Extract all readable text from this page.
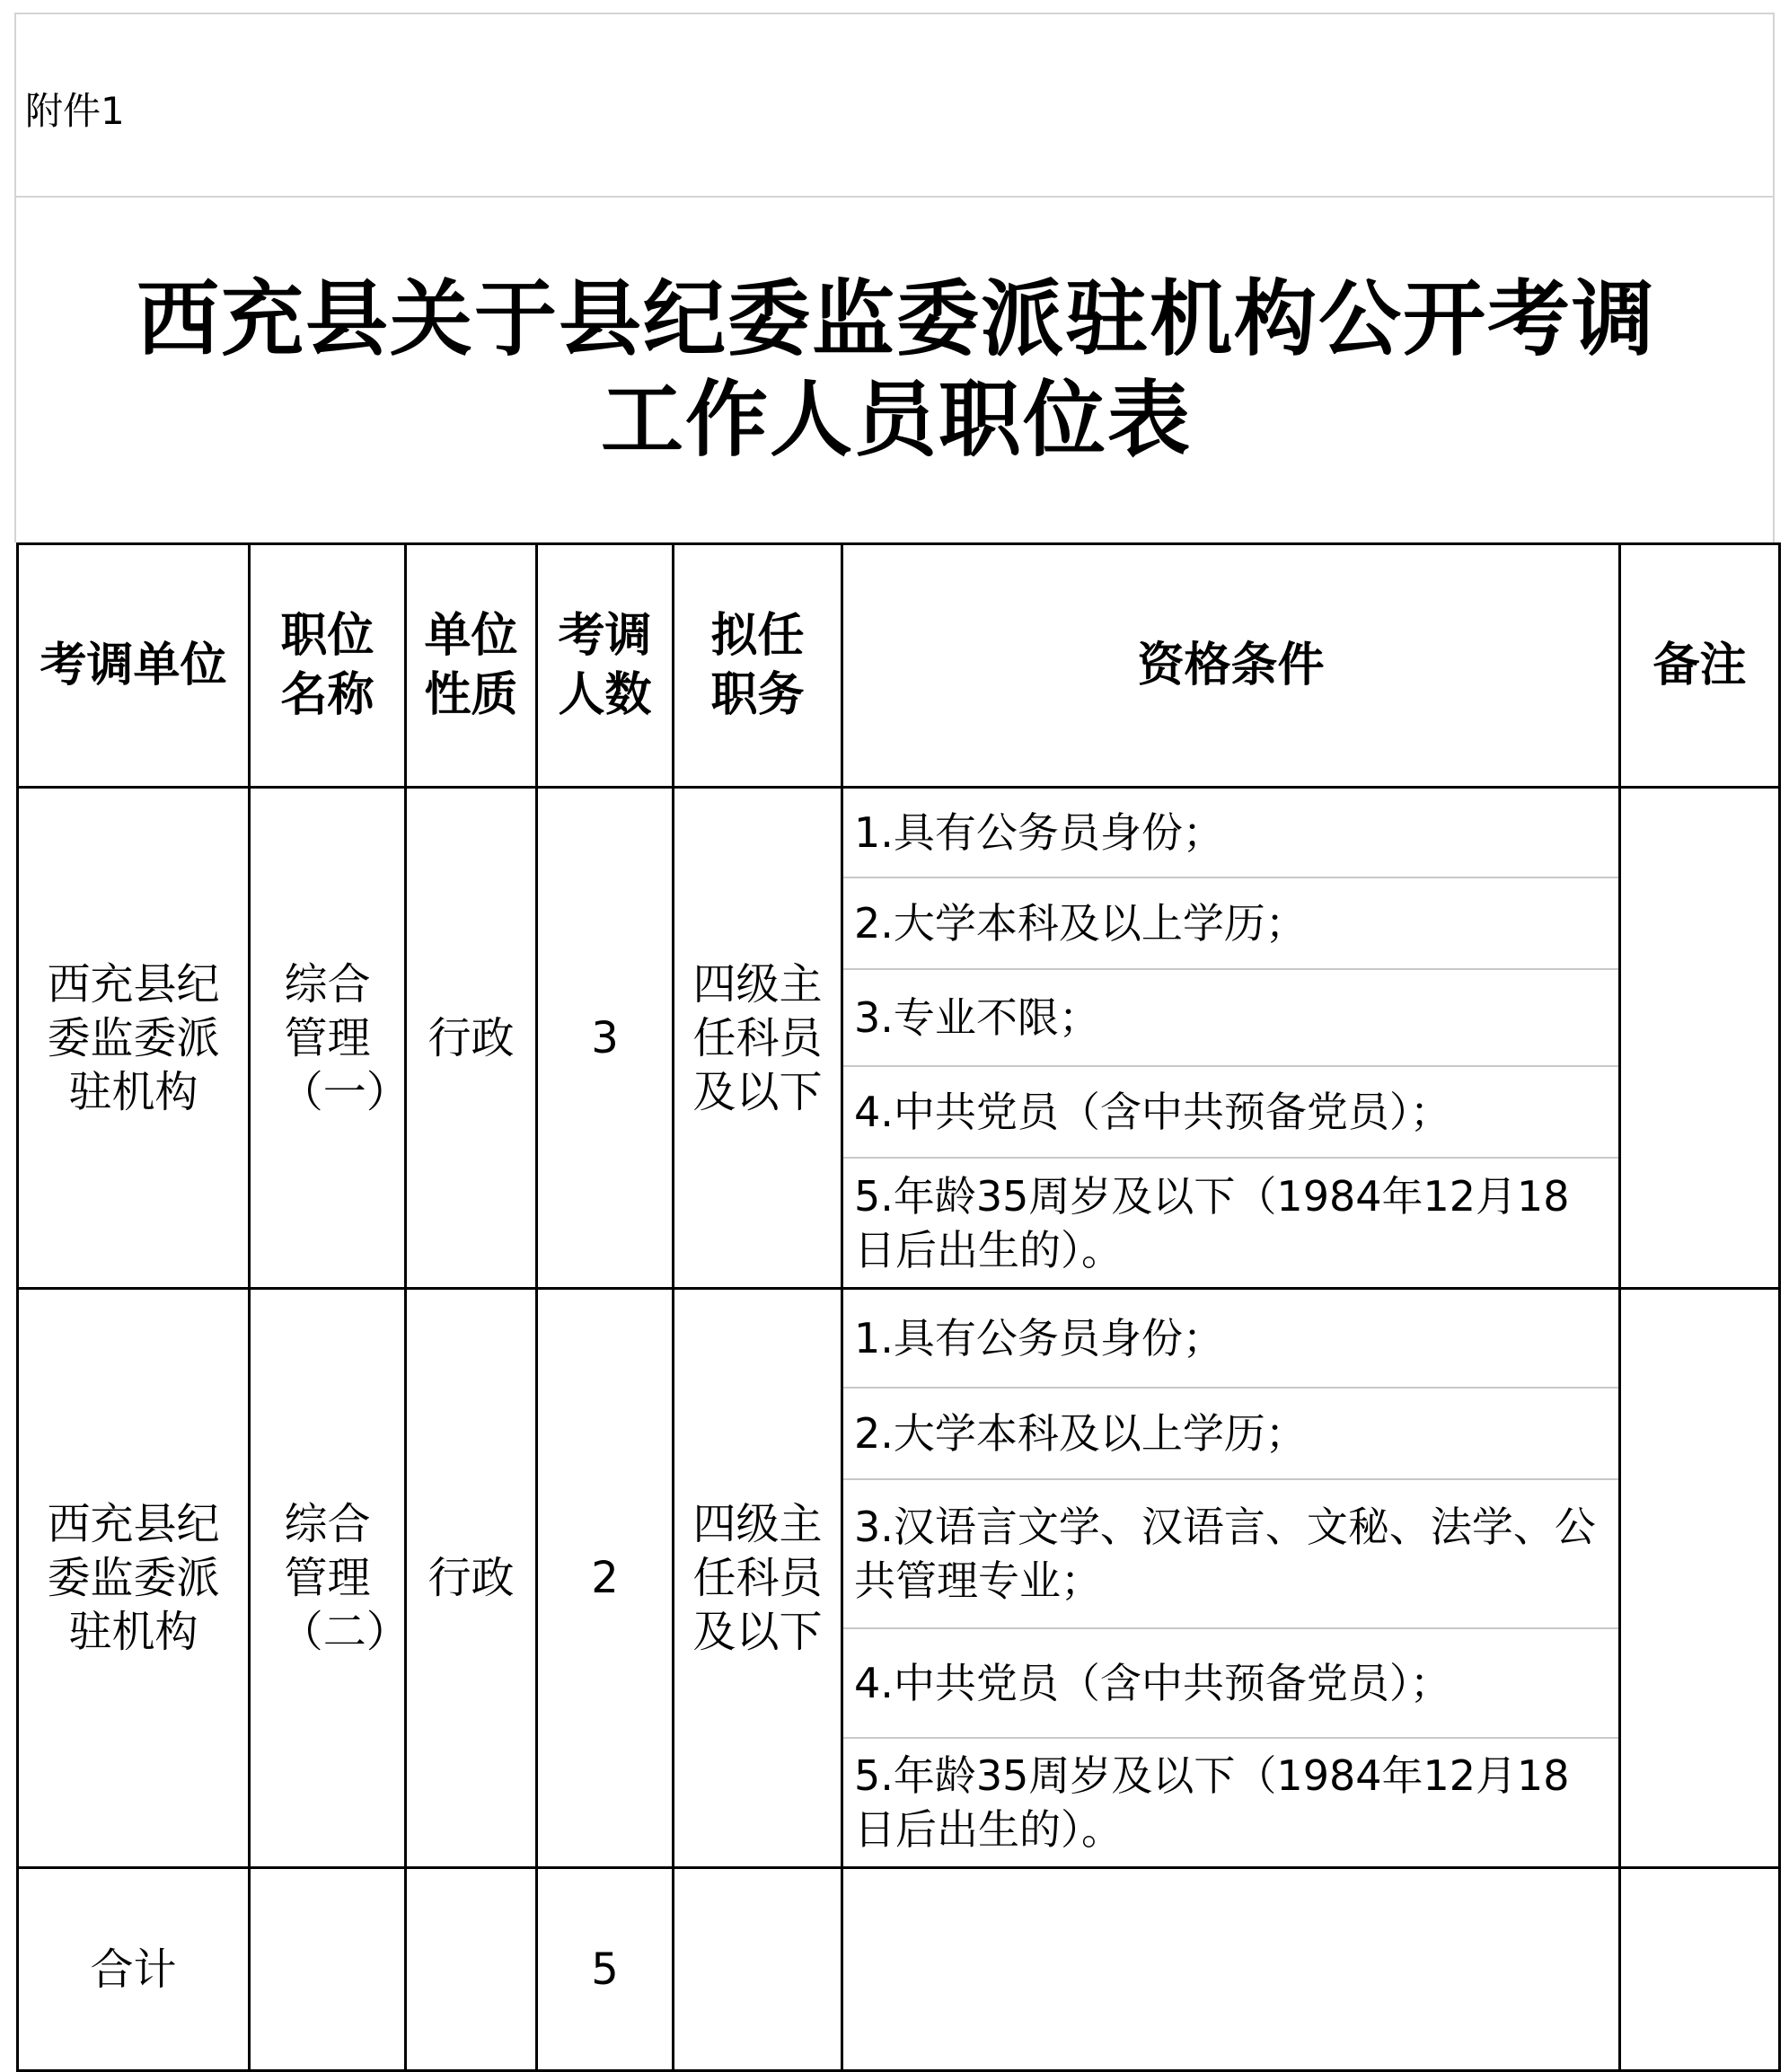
附件1
西充县关于县纪委监委派驻机构公开考调
工作人员职位表
考调单位	职位名称	单位性质	考调人数	拟任职务	资格条件	备注

西充县纪委监委派驻机构	综合管理（一）	行政	3	四级主任科员及以下	1.具有公务员身份；
2.大学本科及以上学历；
3.专业不限；
4.中共党员（含中共预备党员）；
5.年龄35周岁及以下（1984年12月18日后出生的）。	

西充县纪委监委派驻机构	综合管理（二）	行政	2	四级主任科员及以下	1.具有公务员身份；
2.大学本科及以上学历；
3.汉语言文学、汉语言、文秘、法学、公共管理专业；
4.中共党员（含中共预备党员）；
5.年龄35周岁及以下（1984年12月18日后出生的）。	

合计			5			
